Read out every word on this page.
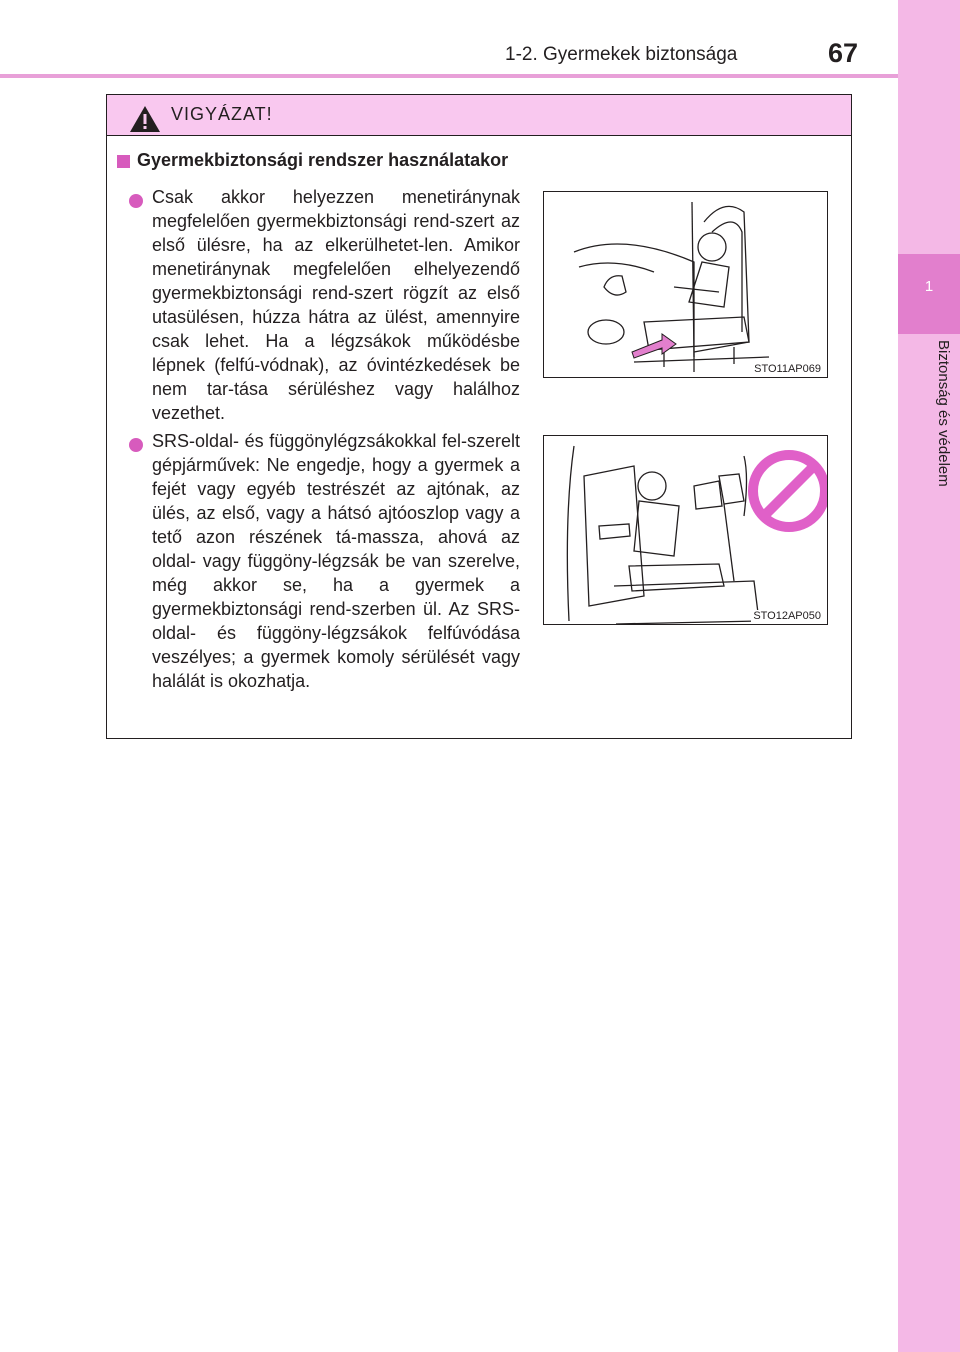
1-2. Gyermekek biztonsága	67
1
Biztonság és védelem
VIGYÁZAT!
Gyermekbiztonsági rendszer használatakor
Csak akkor helyezzen menetiránynak megfelelően gyermekbiztonsági rend-szert az első ülésre, ha az elkerülhetet-len. Amikor menetiránynak megfelelően elhelyezendő gyermekbiztonsági rend-szert rögzít az első utasülésen, húzza hátra az ülést, amennyire csak lehet. Ha a légzsákok működésbe lépnek (felfú-vódnak), az óvintézkedések be nem tar-tása sérüléshez vagy halálhoz vezethet.
STO11AP069
SRS-oldal- és függönylégzsákokkal fel-szerelt gépjárművek: Ne engedje, hogy a gyermek a fejét vagy egyéb testrészét az ajtónak, az ülés, az első, vagy a hátsó ajtóoszlop vagy a tető azon részének tá-massza, ahová az oldal- vagy függöny-légzsák be van szerelve, még akkor se, ha a gyermek a gyermekbiztonsági rend-szerben ül. Az SRS-oldal- és függöny-légzsákok felfúvódása veszélyes; a gyermek komoly sérülését vagy halálát is okozhatja.
STO12AP050
